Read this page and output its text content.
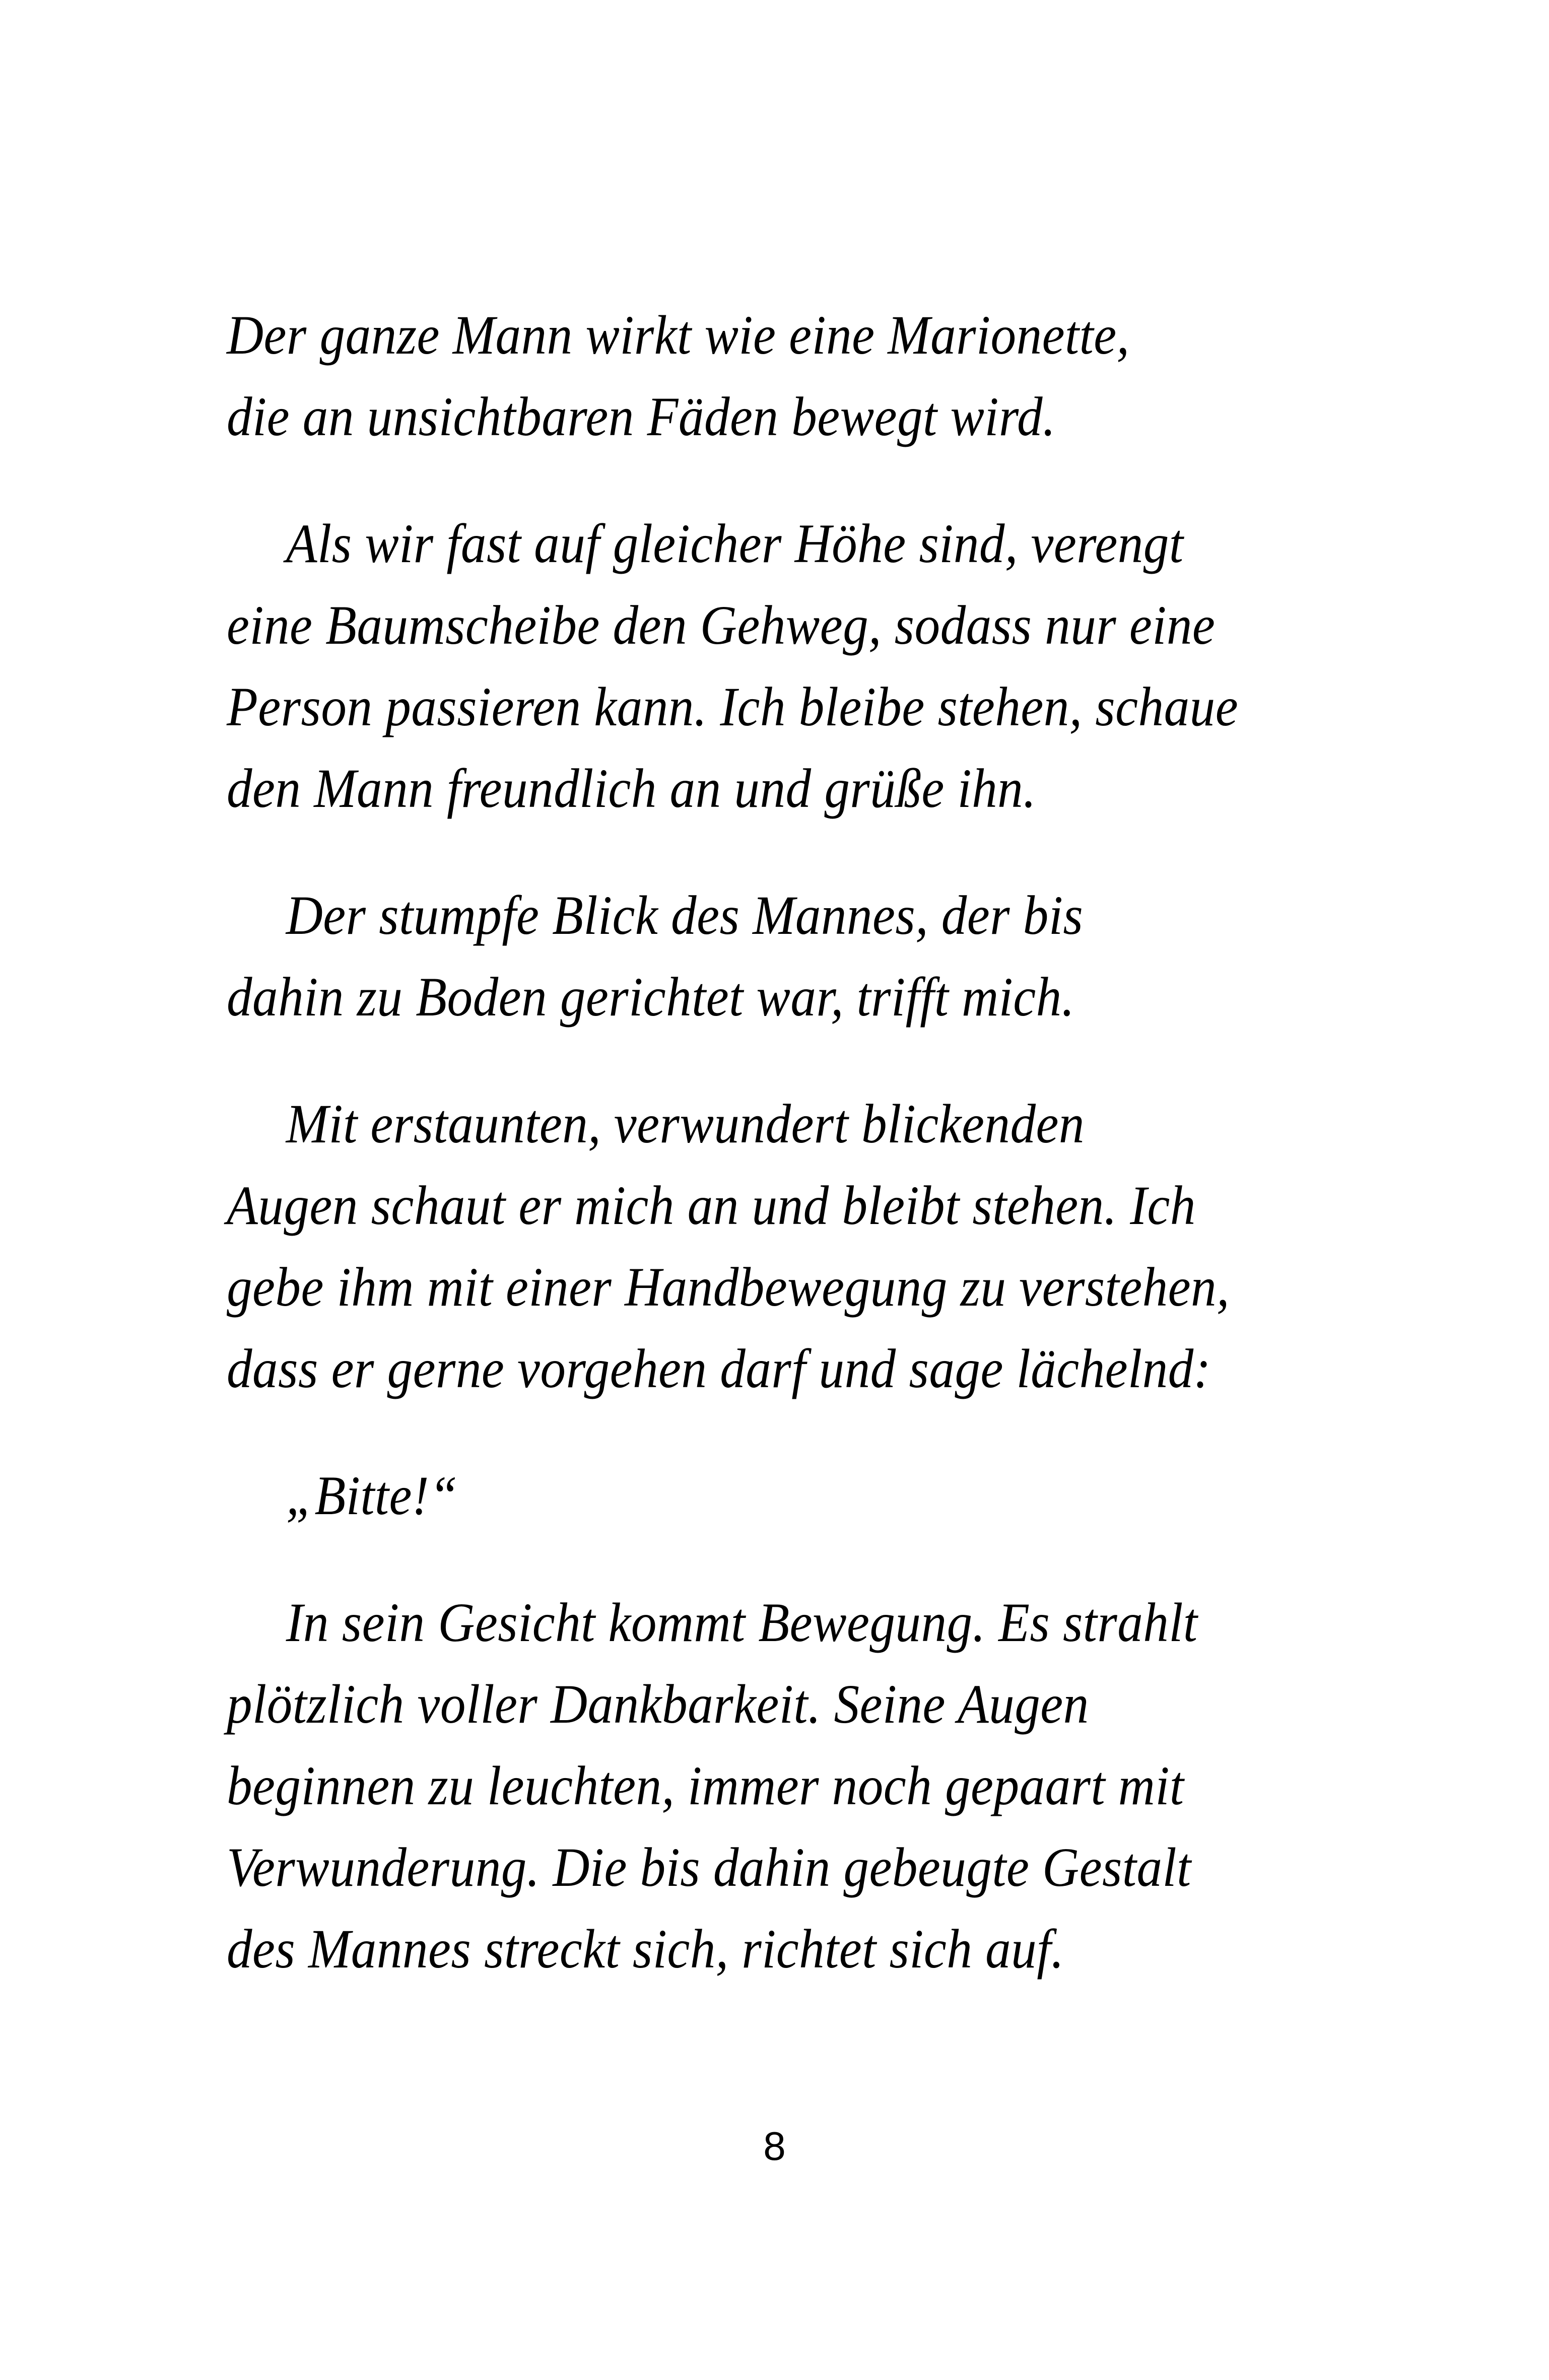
Der ganze Mann wirkt wie eine Marionette,
die an unsichtbaren Fäden bewegt wird.

Als wir fast auf gleicher Höhe sind, verengt
eine Baumscheibe den Gehweg, sodass nur eine
Person passieren kann. Ich bleibe stehen, schaue
den Mann freundlich an und grüße ihn.

Der stumpfe Blick des Mannes, der bis
dahin zu Boden gerichtet war, trifft mich.

Mit erstaunten, verwundert blickenden
Augen schaut er mich an und bleibt stehen. Ich
gebe ihm mit einer Handbewegung zu verstehen,
dass er gerne vorgehen darf und sage lächelnd:

„Bitte!“

In sein Gesicht kommt Bewegung. Es strahlt
plötzlich voller Dankbarkeit. Seine Augen
beginnen zu leuchten, immer noch gepaart mit
Verwunderung. Die bis dahin gebeugte Gestalt
des Mannes streckt sich, richtet sich auf.

8
